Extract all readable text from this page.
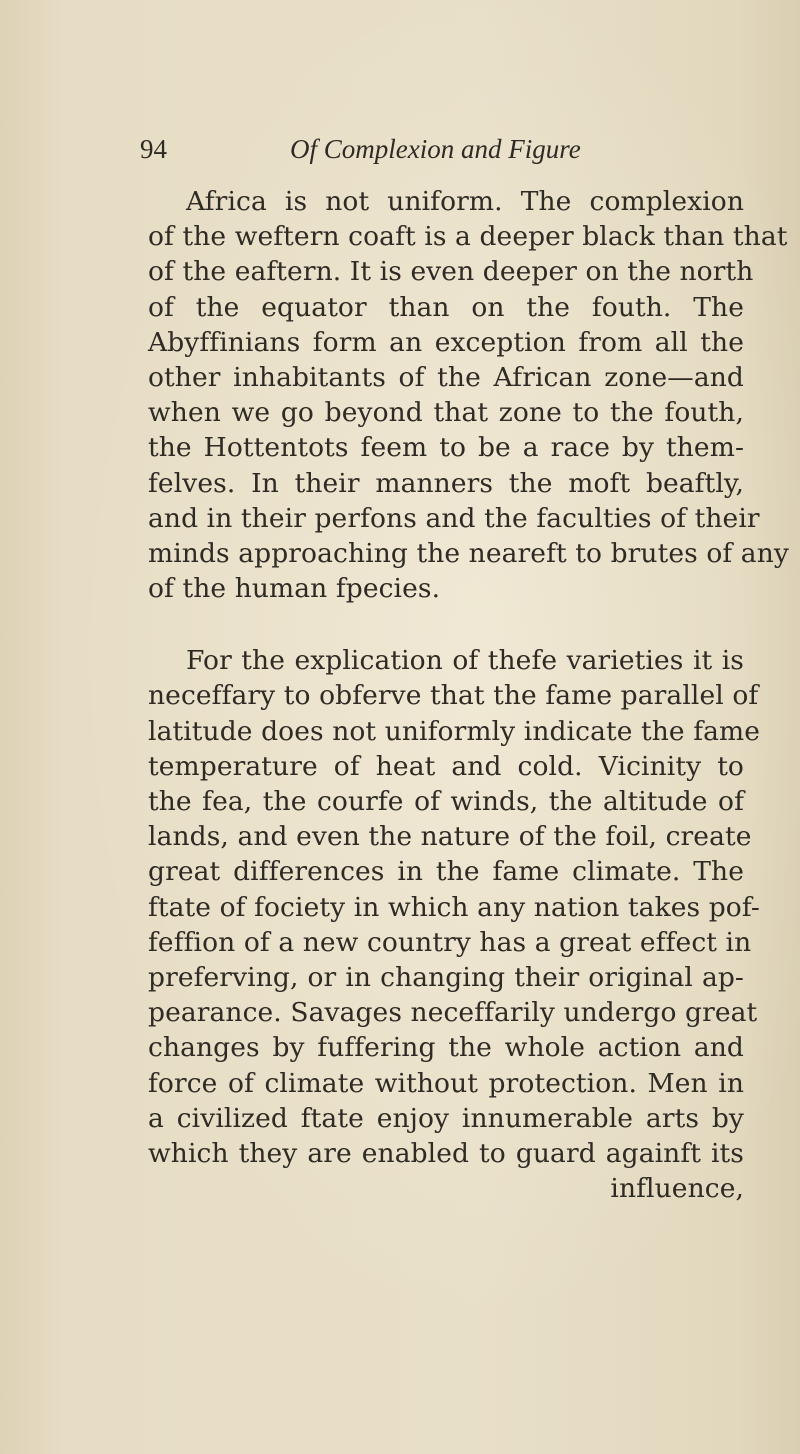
94	Of Complexion and Figure
Africa is not uniform. The complexion
of the weftern coaft is a deeper black than that
of the eaftern. It is even deeper on the north
of the equator than on the fouth. The
Abyffinians form an exception from all the
other inhabitants of the African zone—and
when we go beyond that zone to the fouth,
the Hottentots feem to be a race by them-
felves. In their manners the moft beaftly,
and in their perfons and the faculties of their
minds approaching the neareft to brutes of any
of the human fpecies.
For the explication of thefe varieties it is
neceffary to obferve that the fame parallel of
latitude does not uniformly indicate the fame
temperature of heat and cold. Vicinity to
the fea, the courfe of winds, the altitude of
lands, and even the nature of the foil, create
great differences in the fame climate. The
ftate of fociety in which any nation takes pof-
feffion of a new country has a great effect in
preferving, or in changing their original ap-
pearance. Savages neceffarily undergo great
changes by fuffering the whole action and
force of climate without protection. Men in
a civilized ftate enjoy innumerable arts by
which they are enabled to guard againft its
influence,
